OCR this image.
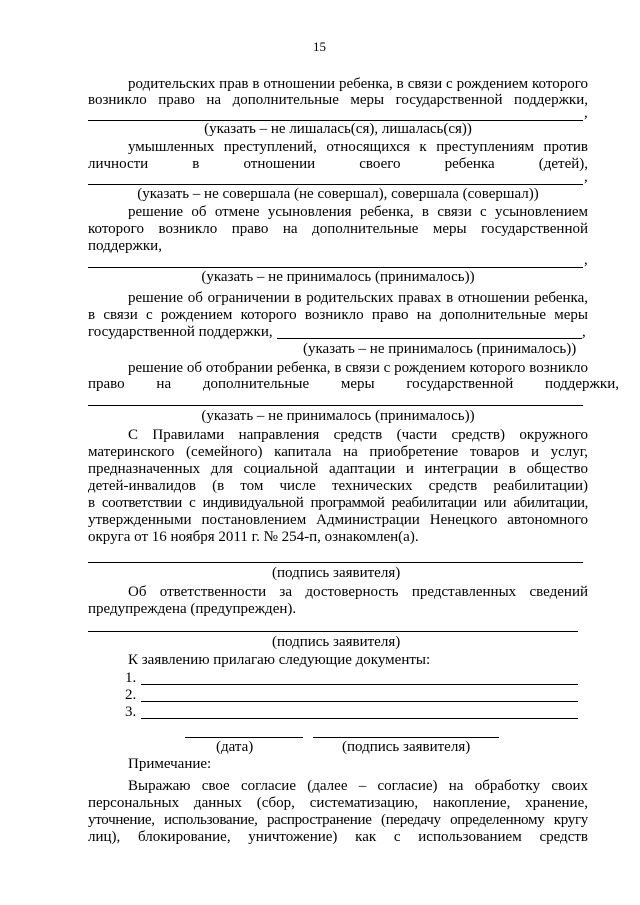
15
родительских прав в отношении ребенка, в связи с рождением которого
возникло право на дополнительные меры государственной поддержки,
,
(указать – не лишалась(ся), лишалась(ся))
умышленных преступлений, относящихся к преступлениям против
личности в отношении своего ребенка (детей),
,
(указать – не совершала (не совершал), совершала (совершал))
решение об отмене усыновления ребенка, в связи с усыновлением
которого возникло право на дополнительные меры государственной
поддержки,
,
(указать – не принималось (принималось))
решение об ограничении в родительских правах в отношении ребенка,
в связи с рождением которого возникло право на дополнительные меры
государственной поддержки,	,
(указать – не принималось (принималось))
решение об отобрании ребенка, в связи с рождением которого возникло
право на дополнительные меры государственной поддержки,
(указать – не принималось (принималось))
С Правилами направления средств (части средств) окружного
материнского (семейного) капитала на приобретение товаров и услуг,
предназначенных для социальной адаптации и интеграции в общество
детей-инвалидов (в том числе технических средств реабилитации)
в соответствии с индивидуальной программой реабилитации или абилитации,
утвержденными постановлением Администрации Ненецкого автономного
округа от 16 ноября 2011 г. № 254-п, ознакомлен(а).
(подпись заявителя)
Об ответственности за достоверность представленных сведений
предупреждена (предупрежден).
(подпись заявителя)
К заявлению прилагаю следующие документы:
1.
2.
3.
(дата)	(подпись заявителя)
Примечание:
Выражаю свое согласие (далее – согласие) на обработку своих
персональных данных (сбор, систематизацию, накопление, хранение,
уточнение, использование, распространение (передачу определенному кругу
лиц), блокирование, уничтожение) как с использованием средств
